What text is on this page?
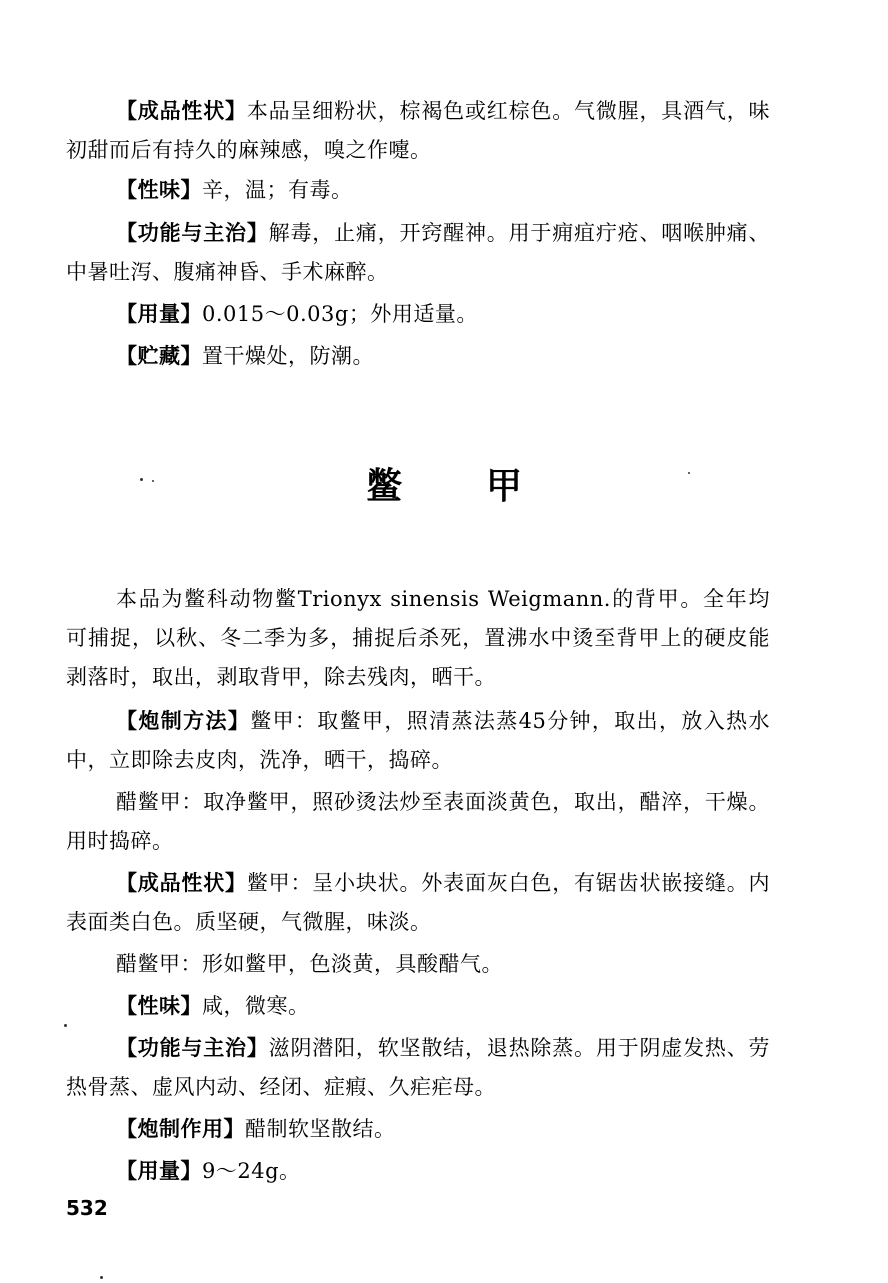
【成品性状】本品呈细粉状，棕褐色或红棕色。气微腥，具酒气，味初甜而后有持久的麻辣感，嗅之作嚏。
【性味】辛，温；有毒。
【功能与主治】解毒，止痛，开窍醒神。用于痈疽疔疮、咽喉肿痛、中暑吐泻、腹痛神昏、手术麻醉。
【用量】0.015～0.03g；外用适量。
【贮藏】置干燥处，防潮。
鳖甲
本品为鳖科动物鳖Trionyx sinensis Weigmann.的背甲。全年均可捕捉，以秋、冬二季为多，捕捉后杀死，置沸水中烫至背甲上的硬皮能剥落时，取出，剥取背甲，除去残肉，晒干。
【炮制方法】鳖甲：取鳖甲，照清蒸法蒸45分钟，取出，放入热水中，立即除去皮肉，洗净，晒干，捣碎。
醋鳖甲：取净鳖甲，照砂烫法炒至表面淡黄色，取出，醋淬，干燥。用时捣碎。
【成品性状】鳖甲：呈小块状。外表面灰白色，有锯齿状嵌接缝。内表面类白色。质坚硬，气微腥，味淡。
醋鳖甲：形如鳖甲，色淡黄，具酸醋气。
【性味】咸，微寒。
【功能与主治】滋阴潜阳，软坚散结，退热除蒸。用于阴虚发热、劳热骨蒸、虚风内动、经闭、症瘕、久疟疟母。
【炮制作用】醋制软坚散结。
【用量】9～24g。
532
